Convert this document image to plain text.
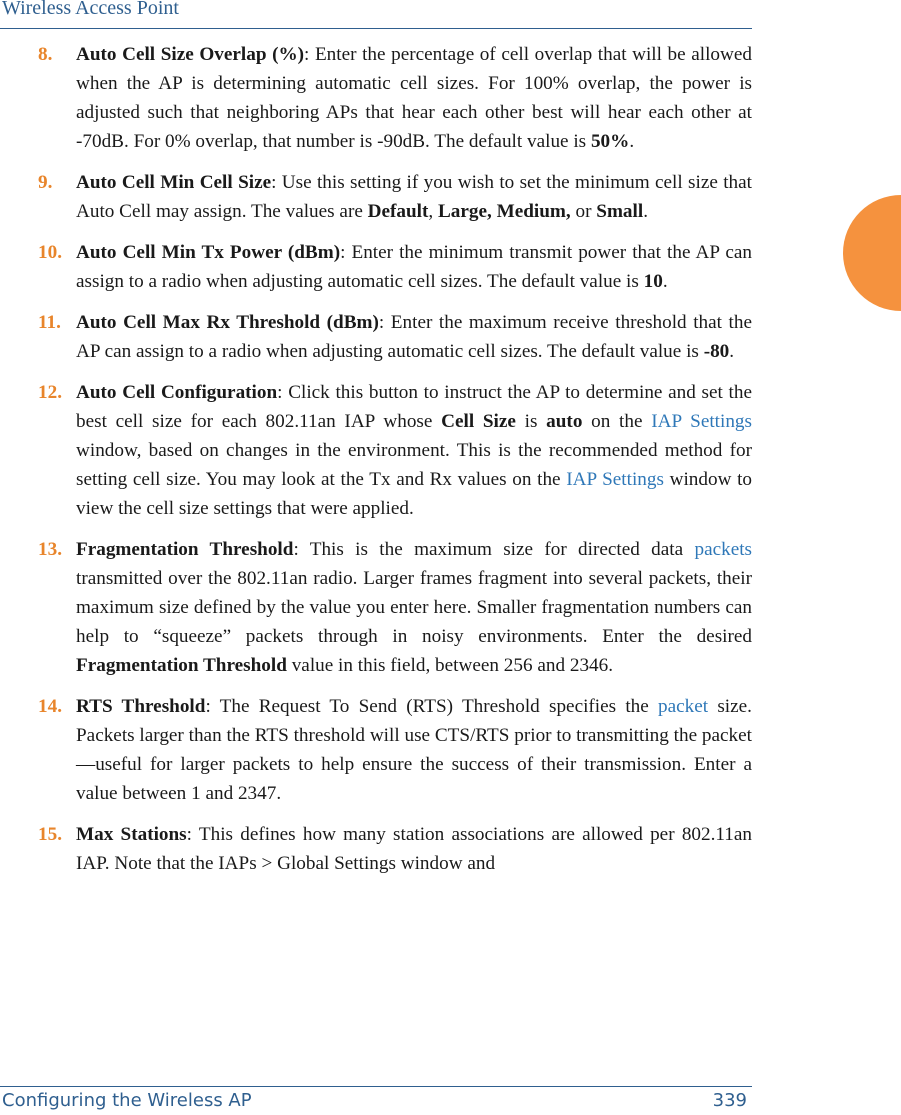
Wireless Access Point
8. Auto Cell Size Overlap (%): Enter the percentage of cell overlap that will be allowed when the AP is determining automatic cell sizes. For 100% overlap, the power is adjusted such that neighboring APs that hear each other best will hear each other at -70dB. For 0% overlap, that number is -90dB. The default value is 50%.
9. Auto Cell Min Cell Size: Use this setting if you wish to set the minimum cell size that Auto Cell may assign. The values are Default, Large, Medium, or Small.
10. Auto Cell Min Tx Power (dBm): Enter the minimum transmit power that the AP can assign to a radio when adjusting automatic cell sizes. The default value is 10.
11. Auto Cell Max Rx Threshold (dBm): Enter the maximum receive threshold that the AP can assign to a radio when adjusting automatic cell sizes. The default value is -80.
12. Auto Cell Configuration: Click this button to instruct the AP to determine and set the best cell size for each 802.11an IAP whose Cell Size is auto on the IAP Settings window, based on changes in the environment. This is the recommended method for setting cell size. You may look at the Tx and Rx values on the IAP Settings window to view the cell size settings that were applied.
13. Fragmentation Threshold: This is the maximum size for directed data packets transmitted over the 802.11an radio. Larger frames fragment into several packets, their maximum size defined by the value you enter here. Smaller fragmentation numbers can help to “squeeze” packets through in noisy environments. Enter the desired Fragmentation Threshold value in this field, between 256 and 2346.
14. RTS Threshold: The Request To Send (RTS) Threshold specifies the packet size. Packets larger than the RTS threshold will use CTS/RTS prior to transmitting the packet—useful for larger packets to help ensure the success of their transmission. Enter a value between 1 and 2347.
15. Max Stations: This defines how many station associations are allowed per 802.11an IAP. Note that the IAPs > Global Settings window and
Configuring the Wireless AP	339
